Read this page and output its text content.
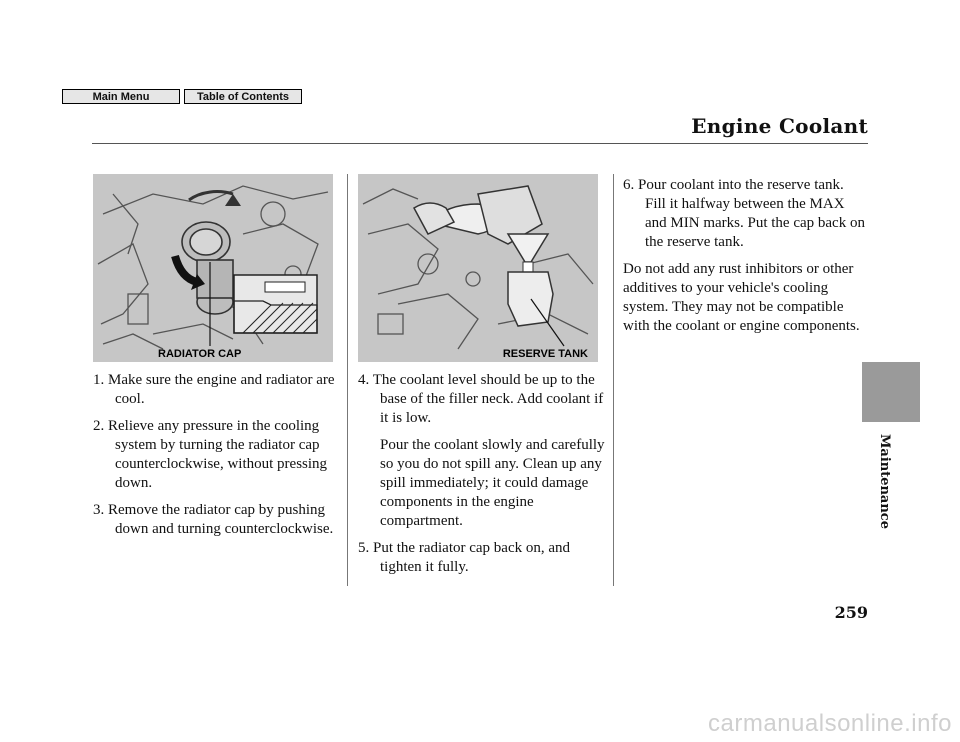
Main Menu	Table of Contents
Engine Coolant
RADIATOR CAP	RESERVE TANK

1. Make sure the engine and radiator are cool.

2. Relieve any pressure in the cooling system by turning the radiator cap counterclockwise, without pressing down.

3. Remove the radiator cap by pushing down and turning counterclockwise.

4. The coolant level should be up to the base of the filler neck. Add coolant if it is low.

Pour the coolant slowly and carefully so you do not spill any. Clean up any spill immediately; it could damage components in the engine compartment.

5. Put the radiator cap back on, and tighten it fully.

6. Pour coolant into the reserve tank. Fill it halfway between the MAX and MIN marks. Put the cap back on the reserve tank.

Do not add any rust inhibitors or other additives to your vehicle's cooling system. They may not be compatible with the coolant or engine components.

Maintenance
259
carmanualsonline.info
